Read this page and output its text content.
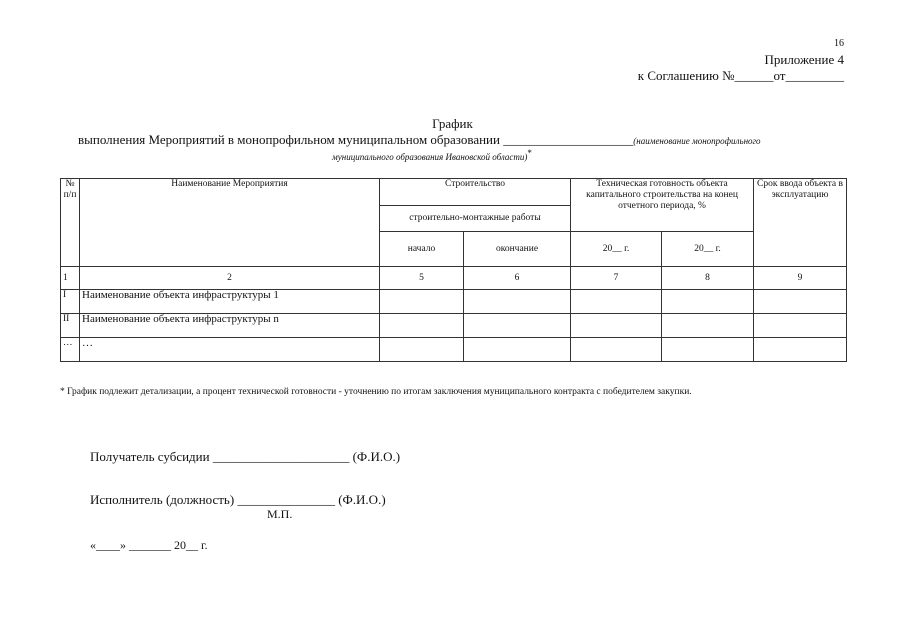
16
Приложение 4
к Соглашению №______от_________
График
выполнения Мероприятий в монопрофильном муниципальном образовании ____________________(наименование монопрофильного
муниципального образования Ивановской области)*
№ п/п	Наименование Мероприятия	Строительство		Техническая готовность объекта капитального строительства на конец отчетного периода, %		Срок ввода объекта в эксплуатацию
		строительно-монтажные работы				
		начало	окончание	20__ г.	20__ г.	
1	2	5	6	7	8	9
I	Наименование объекта инфраструктуры 1					
II	Наименование объекта инфраструктуры n					
…	…					
* График подлежит детализации, а процент технической готовности - уточнению по итогам заключения муниципального контракта с победителем закупки.
Получатель субсидии _____________________ (Ф.И.О.)
Исполнитель (должность) _______________ (Ф.И.О.)
М.П.
«____» _______ 20__ г.
